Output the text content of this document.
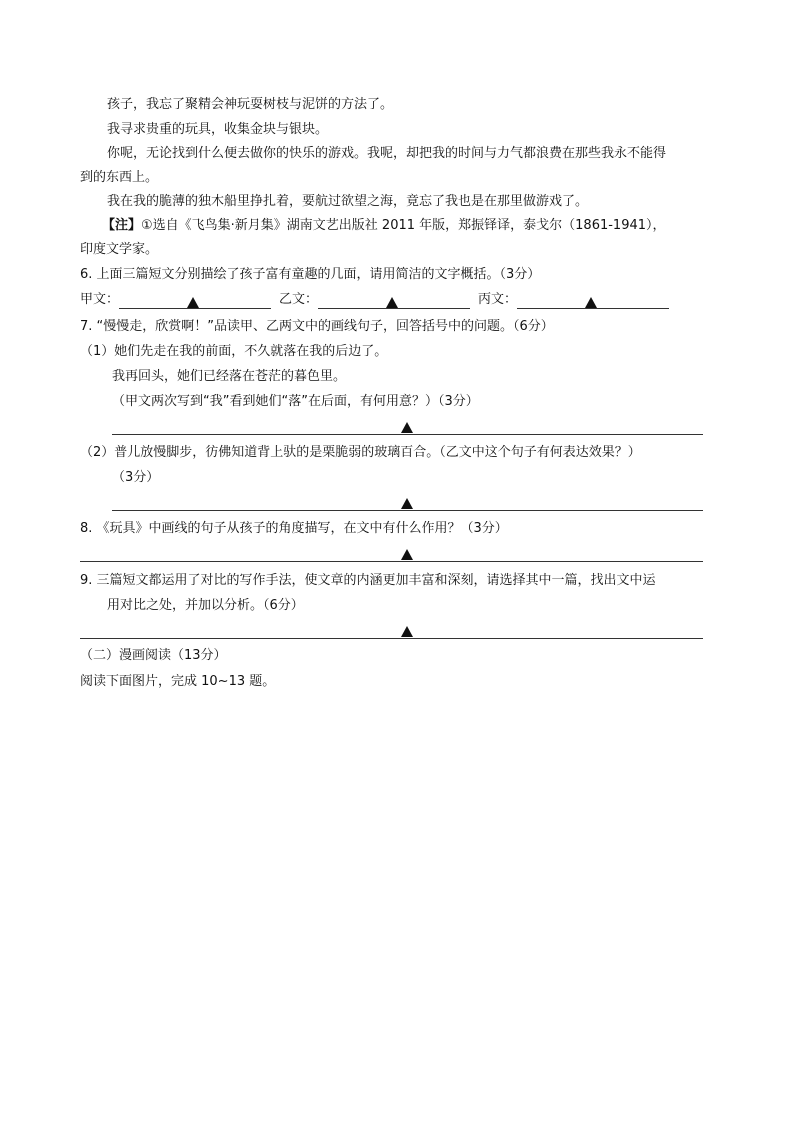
孩子，我忘了聚精会神玩耍树枝与泥饼的方法了。
我寻求贵重的玩具，收集金块与银块。
你呢，无论找到什么便去做你的快乐的游戏。我呢，却把我的时间与力气都浪费在那些我永不能得
到的东西上。
我在我的脆薄的独木船里挣扎着，要航过欲望之海，竟忘了我也是在那里做游戏了。
【注】①选自《飞鸟集·新月集》湖南文艺出版社 2011 年版，郑振铎译，泰戈尔（1861-1941），
印度文学家。
6. 上面三篇短文分别描绘了孩子富有童趣的几面，请用简洁的文字概括。（3分）
甲文：	乙文：	丙文：
7. “慢慢走，欣赏啊！”品读甲、乙两文中的画线句子，回答括号中的问题。（6分）
（1）她们先走在我的前面，不久就落在我的后边了。
我再回头，她们已经落在苍茫的暮色里。
（甲文两次写到“我”看到她们“落”在后面，有何用意？）（3分）
（2）普儿放慢脚步，彷佛知道背上驮的是栗脆弱的玻璃百合。（乙文中这个句子有何表达效果？）
（3分）
8. 《玩具》中画线的句子从孩子的角度描写，在文中有什么作用？（3分）
9. 三篇短文都运用了对比的写作手法，使文章的内涵更加丰富和深刻，请选择其中一篇，找出文中运
用对比之处，并加以分析。（6分）
（二）漫画阅读（13分）
阅读下面图片，完成 10~13 题。
